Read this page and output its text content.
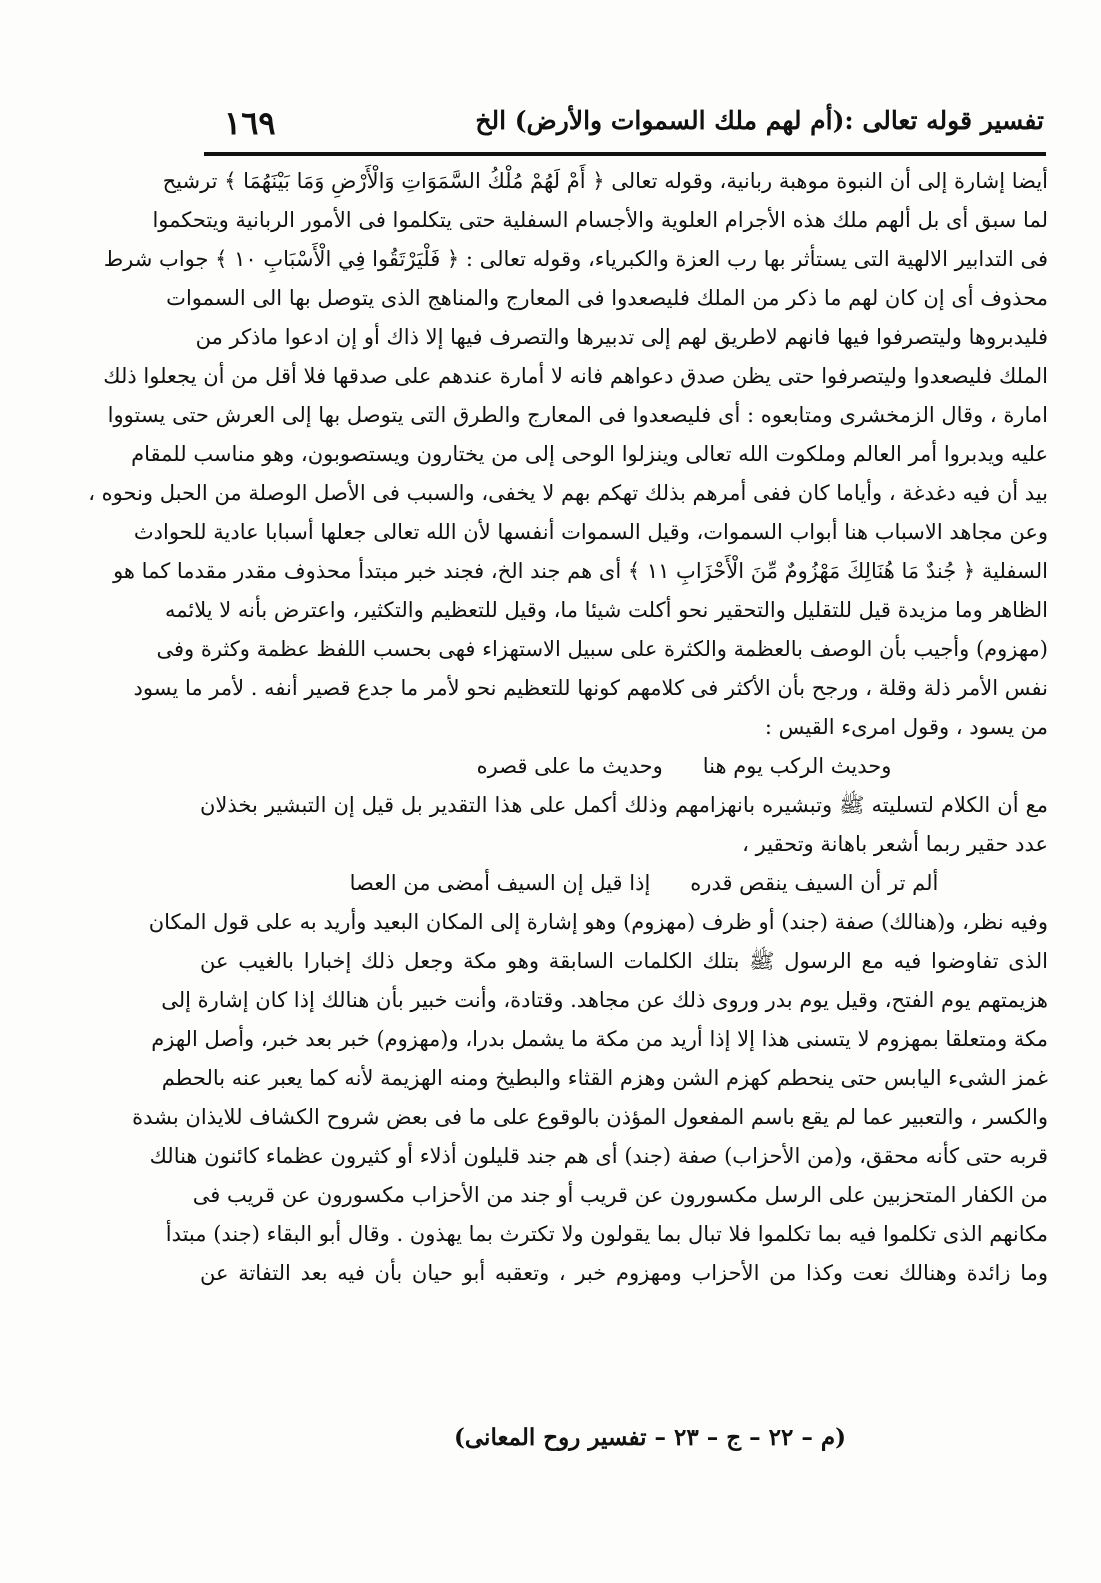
تفسير قوله تعالى :(أم لهم ملك السموات والأرض) الخ
١٦٩
أيضا إشارة إلى أن النبوة موهبة ربانية، وقوله تعالى ﴿ أَمْ لَهُمْ مُلْكُ السَّمَوَاتِ وَالْأَرْضِ وَمَا بَيْنَهُمَا ﴾ ترشيح
لما سبق أى بل ألهم ملك هذه الأجرام العلوية والأجسام السفلية حتى يتكلموا فى الأمور الربانية ويتحكموا
فى التدابير الالهية التى يستأثر بها رب العزة والكبرياء، وقوله تعالى : ﴿ فَلْيَرْتَقُوا فِي الْأَسْبَابِ ١٠ ﴾ جواب شرط
محذوف أى إن كان لهم ما ذكر من الملك فليصعدوا فى المعارج والمناهج الذى يتوصل بها الى السموات
فليدبروها وليتصرفوا فيها فانهم لاطريق لهم إلى تدبيرها والتصرف فيها إلا ذاك أو إن ادعوا ماذكر من
الملك فليصعدوا وليتصرفوا حتى يظن صدق دعواهم فانه لا أمارة عندهم على صدقها فلا أقل من أن يجعلوا ذلك
امارة ، وقال الزمخشرى ومتابعوه : أى فليصعدوا فى المعارج والطرق التى يتوصل بها إلى العرش حتى يستووا
عليه ويدبروا أمر العالم وملكوت الله تعالى وينزلوا الوحى إلى من يختارون ويستصوبون، وهو مناسب للمقام
بيد أن فيه دغدغة ، وأياما كان ففى أمرهم بذلك تهكم بهم لا يخفى، والسبب فى الأصل الوصلة من الحبل ونحوه ،
وعن مجاهد الاسباب هنا أبواب السموات، وقيل السموات أنفسها لأن الله تعالى جعلها أسبابا عادية للحوادث
السفلية ﴿ جُندٌ مَا هُنَالِكَ مَهْزُومٌ مِّنَ الْأَحْزَابِ ١١ ﴾ أى هم جند الخ، فجند خبر مبتدأ محذوف مقدر مقدما كما هو
الظاهر وما مزيدة قيل للتقليل والتحقير نحو أكلت شيئا ما، وقيل للتعظيم والتكثير، واعترض بأنه لا يلائمه
(مهزوم) وأجيب بأن الوصف بالعظمة والكثرة على سبيل الاستهزاء فهى بحسب اللفظ عظمة وكثرة وفى
نفس الأمر ذلة وقلة ، ورجح بأن الأكثر فى كلامهم كونها للتعظيم نحو لأمر ما جدع قصير أنفه . لأمر ما يسود
من يسود ، وقول امرىء القيس :
وحديث الركب يوم هنا
وحديث ما على قصره
مع أن الكلام لتسليته ﷺ وتبشيره بانهزامهم وذلك أكمل على هذا التقدير بل قيل إن التبشير بخذلان
عدد حقير ربما أشعر باهانة وتحقير ،
ألم تر أن السيف ينقص قدره
إذا قيل إن السيف أمضى من العصا
وفيه نظر، و(هنالك) صفة (جند) أو ظرف (مهزوم) وهو إشارة إلى المكان البعيد وأريد به على قول المكان
الذى تفاوضوا فيه مع الرسول ﷺ بتلك الكلمات السابقة وهو مكة وجعل ذلك إخبارا بالغيب عن
هزيمتهم يوم الفتح، وقيل يوم بدر وروى ذلك عن مجاهد. وقتادة، وأنت خبير بأن هنالك إذا كان إشارة إلى
مكة ومتعلقا بمهزوم لا يتسنى هذا إلا إذا أريد من مكة ما يشمل بدرا، و(مهزوم) خبر بعد خبر، وأصل الهزم
غمز الشىء اليابس حتى ينحطم كهزم الشن وهزم القثاء والبطيخ ومنه الهزيمة لأنه كما يعبر عنه بالحطم
والكسر ، والتعبير عما لم يقع باسم المفعول المؤذن بالوقوع على ما فى بعض شروح الكشاف للايذان بشدة
قربه حتى كأنه محقق، و(من الأحزاب) صفة (جند) أى هم جند قليلون أذلاء أو كثيرون عظماء كائنون هنالك
من الكفار المتحزبين على الرسل مكسورون عن قريب أو جند من الأحزاب مكسورون عن قريب فى
مكانهم الذى تكلموا فيه بما تكلموا فلا تبال بما يقولون ولا تكترث بما يهذون . وقال أبو البقاء (جند) مبتدأ
وما زائدة وهنالك نعت وكذا من الأحزاب ومهزوم خبر ، وتعقبه أبو حيان بأن فيه بعد التفاتة عن
(م – ٢٢ – ج – ٢٣ – تفسير روح المعانى)
